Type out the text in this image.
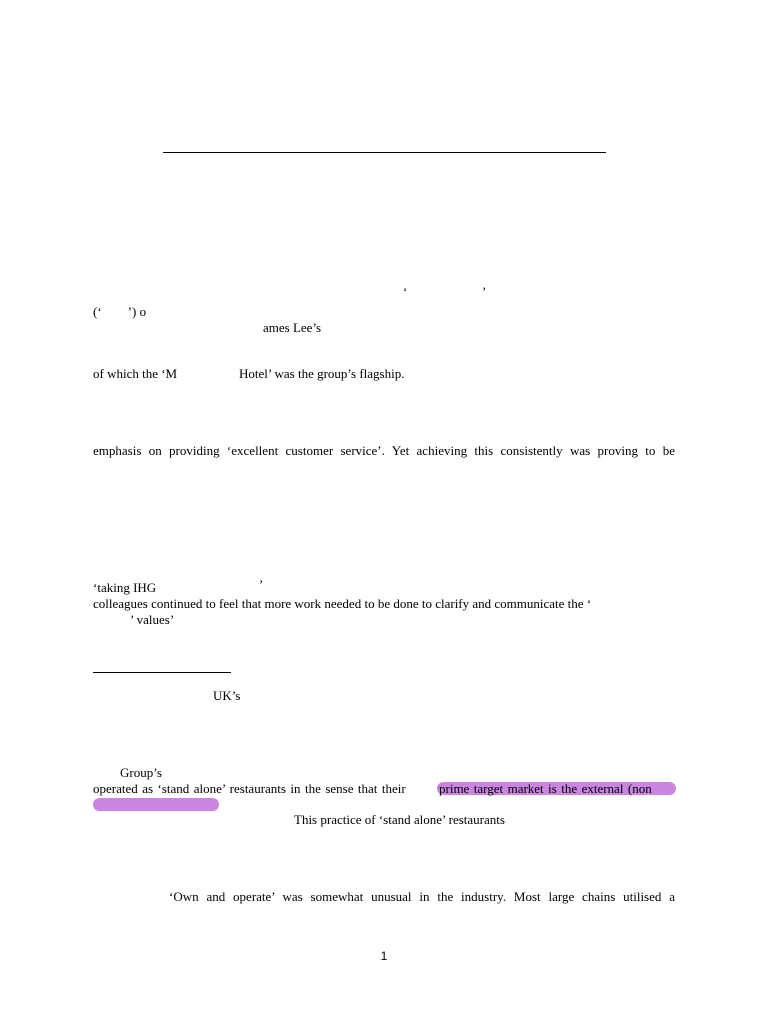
‘	’
(‘        ’) o
ames Lee’s
of which the ‘M	Hotel’ was the group’s flagship.
emphasis on providing ‘excellent customer service’. Yet achieving this consistently was proving to be
‘taking IHG	’
colleagues continued to feel that more work needed to be done to clarify and communicate the ‘
’ values’
UK’s
Group’s
operated as ‘stand alone’ restaurants in the sense that their	prime target market is the external (non
This practice of ‘stand alone’ restaurants
‘Own and operate’ was somewhat unusual in the industry. Most large chains utilised a
1
